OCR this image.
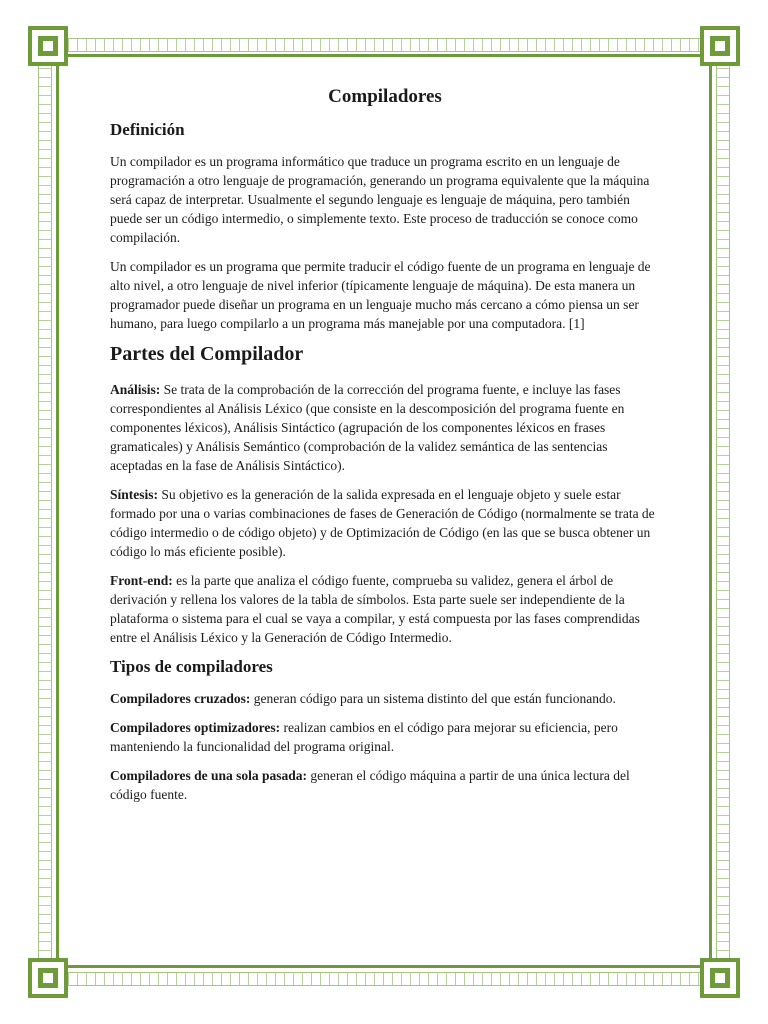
Compiladores
Definición

Un compilador es un programa informático que traduce un programa escrito en un lenguaje de programación a otro lenguaje de programación, generando un programa equivalente que la máquina será capaz de interpretar. Usualmente el segundo lenguaje es lenguaje de máquina, pero también puede ser un código intermedio, o simplemente texto. Este proceso de traducción se conoce como compilación.

Un compilador es un programa que permite traducir el código fuente de un programa en lenguaje de alto nivel, a otro lenguaje de nivel inferior (típicamente lenguaje de máquina). De esta manera un programador puede diseñar un programa en un lenguaje mucho más cercano a cómo piensa un ser humano, para luego compilarlo a un programa más manejable por una computadora. [1]

Partes del Compilador

Análisis: Se trata de la comprobación de la corrección del programa fuente, e incluye las fases correspondientes al Análisis Léxico (que consiste en la descomposición del programa fuente en componentes léxicos), Análisis Sintáctico (agrupación de los componentes léxicos en frases gramaticales) y Análisis Semántico (comprobación de la validez semántica de las sentencias aceptadas en la fase de Análisis Sintáctico).

Síntesis: Su objetivo es la generación de la salida expresada en el lenguaje objeto y suele estar formado por una o varias combinaciones de fases de Generación de Código (normalmente se trata de código intermedio o de código objeto) y de Optimización de Código (en las que se busca obtener un código lo más eficiente posible).

Front-end: es la parte que analiza el código fuente, comprueba su validez, genera el árbol de derivación y rellena los valores de la tabla de símbolos. Esta parte suele ser independiente de la plataforma o sistema para el cual se vaya a compilar, y está compuesta por las fases comprendidas entre el Análisis Léxico y la Generación de Código Intermedio.

Tipos de compiladores

Compiladores cruzados: generan código para un sistema distinto del que están funcionando.

Compiladores optimizadores: realizan cambios en el código para mejorar su eficiencia, pero manteniendo la funcionalidad del programa original.

Compiladores de una sola pasada: generan el código máquina a partir de una única lectura del código fuente.
